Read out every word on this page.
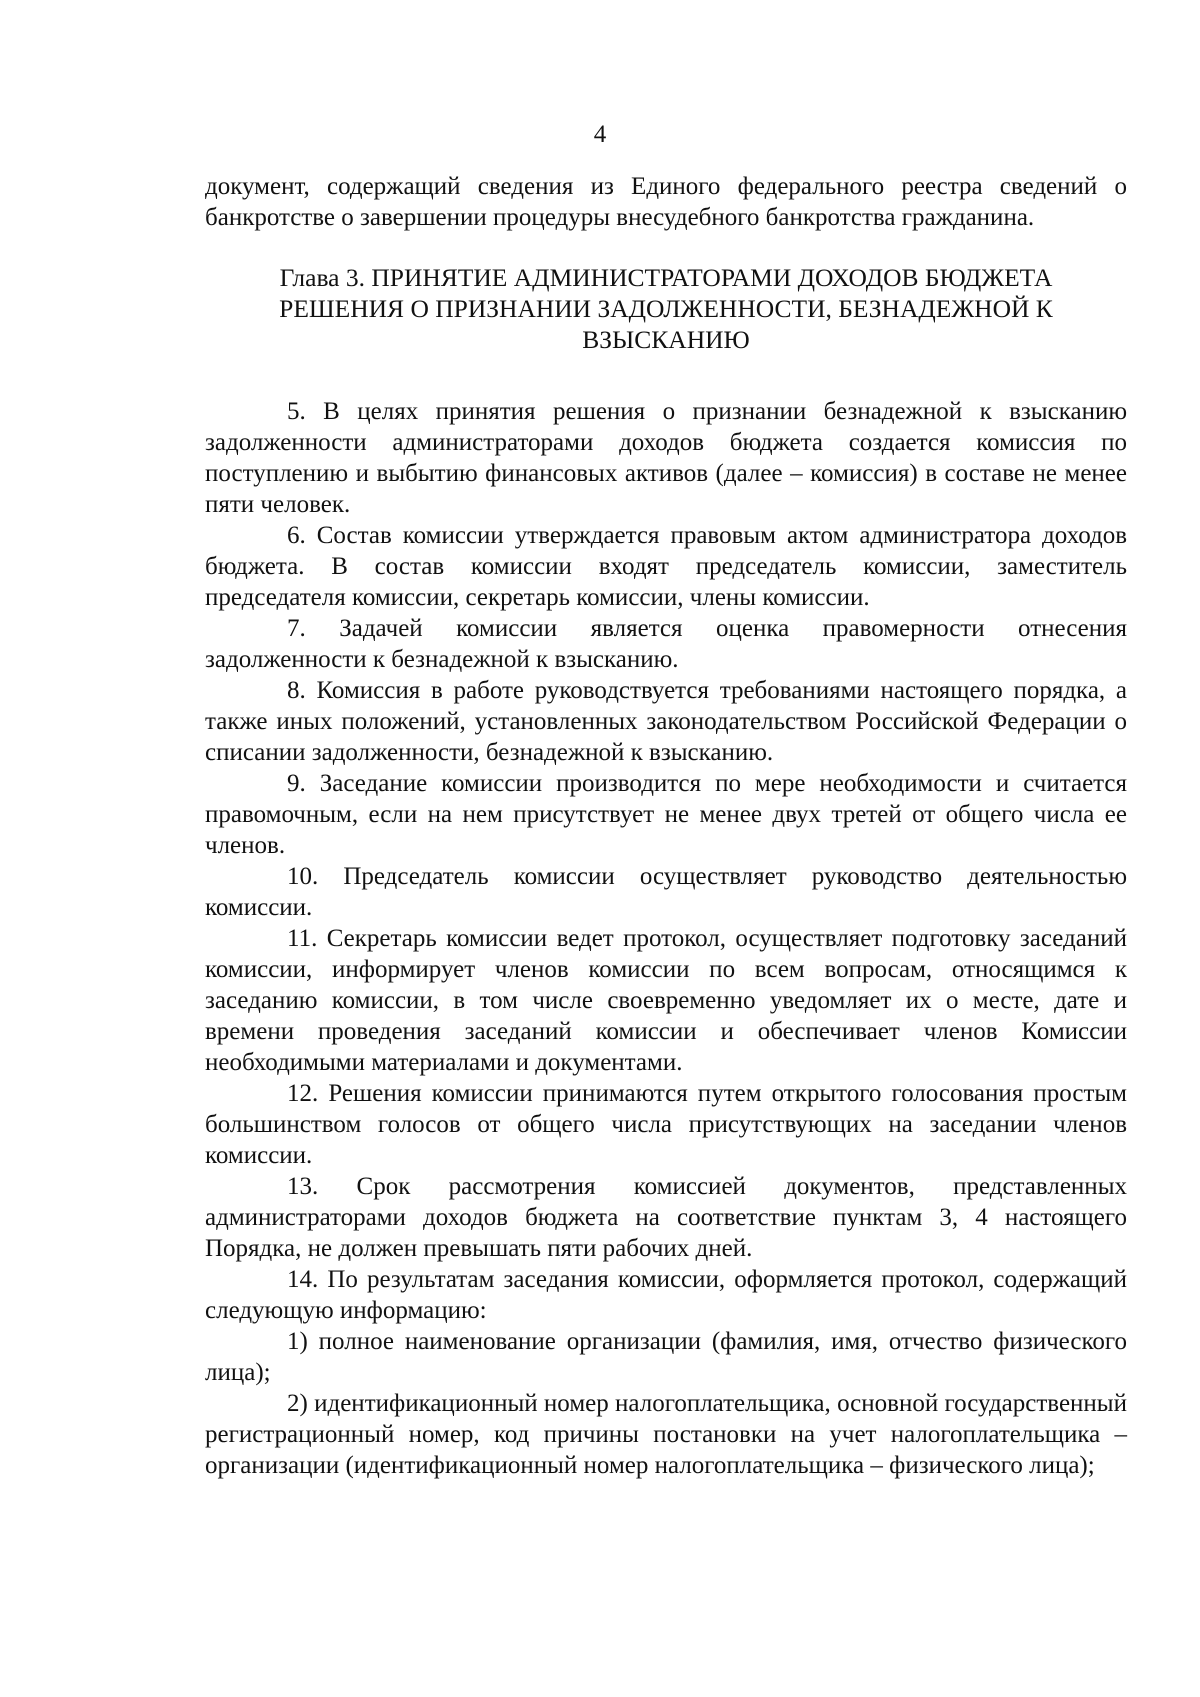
4

документ, содержащий сведения из Единого федерального реестра сведений о банкротстве о завершении процедуры внесудебного банкротства гражданина.

Глава 3. ПРИНЯТИЕ АДМИНИСТРАТОРАМИ ДОХОДОВ БЮДЖЕТА
РЕШЕНИЯ О ПРИЗНАНИИ ЗАДОЛЖЕННОСТИ, БЕЗНАДЕЖНОЙ К
ВЗЫСКАНИЮ

5. В целях принятия решения о признании безнадежной к взысканию задолженности администраторами доходов бюджета создается комиссия по поступлению и выбытию финансовых активов (далее – комиссия) в составе не менее пяти человек.

6. Состав комиссии утверждается правовым актом администратора доходов бюджета. В состав комиссии входят председатель комиссии, заместитель председателя комиссии, секретарь комиссии, члены комиссии.

7. Задачей комиссии является оценка правомерности отнесения задолженности к безнадежной к взысканию.

8. Комиссия в работе руководствуется требованиями настоящего порядка, а также иных положений, установленных законодательством Российской Федерации о списании задолженности, безнадежной к взысканию.

9. Заседание комиссии производится по мере необходимости и считается правомочным, если на нем присутствует не менее двух третей от общего числа ее членов.

10. Председатель комиссии осуществляет руководство деятельностью комиссии.

11. Секретарь комиссии ведет протокол, осуществляет подготовку заседаний комиссии, информирует членов комиссии по всем вопросам, относящимся к заседанию комиссии, в том числе своевременно уведомляет их о месте, дате и времени проведения заседаний комиссии и обеспечивает членов Комиссии необходимыми материалами и документами.

12. Решения комиссии принимаются путем открытого голосования простым большинством голосов от общего числа присутствующих на заседании членов комиссии.

13. Срок рассмотрения комиссией документов, представленных администраторами доходов бюджета на соответствие пунктам 3, 4 настоящего Порядка, не должен превышать пяти рабочих дней.

14. По результатам заседания комиссии, оформляется протокол, содержащий следующую информацию:

1) полное наименование организации (фамилия, имя, отчество физического лица);

2) идентификационный номер налогоплательщика, основной государственный регистрационный номер, код причины постановки на учет налогоплательщика – организации (идентификационный номер налогоплательщика – физического лица);
